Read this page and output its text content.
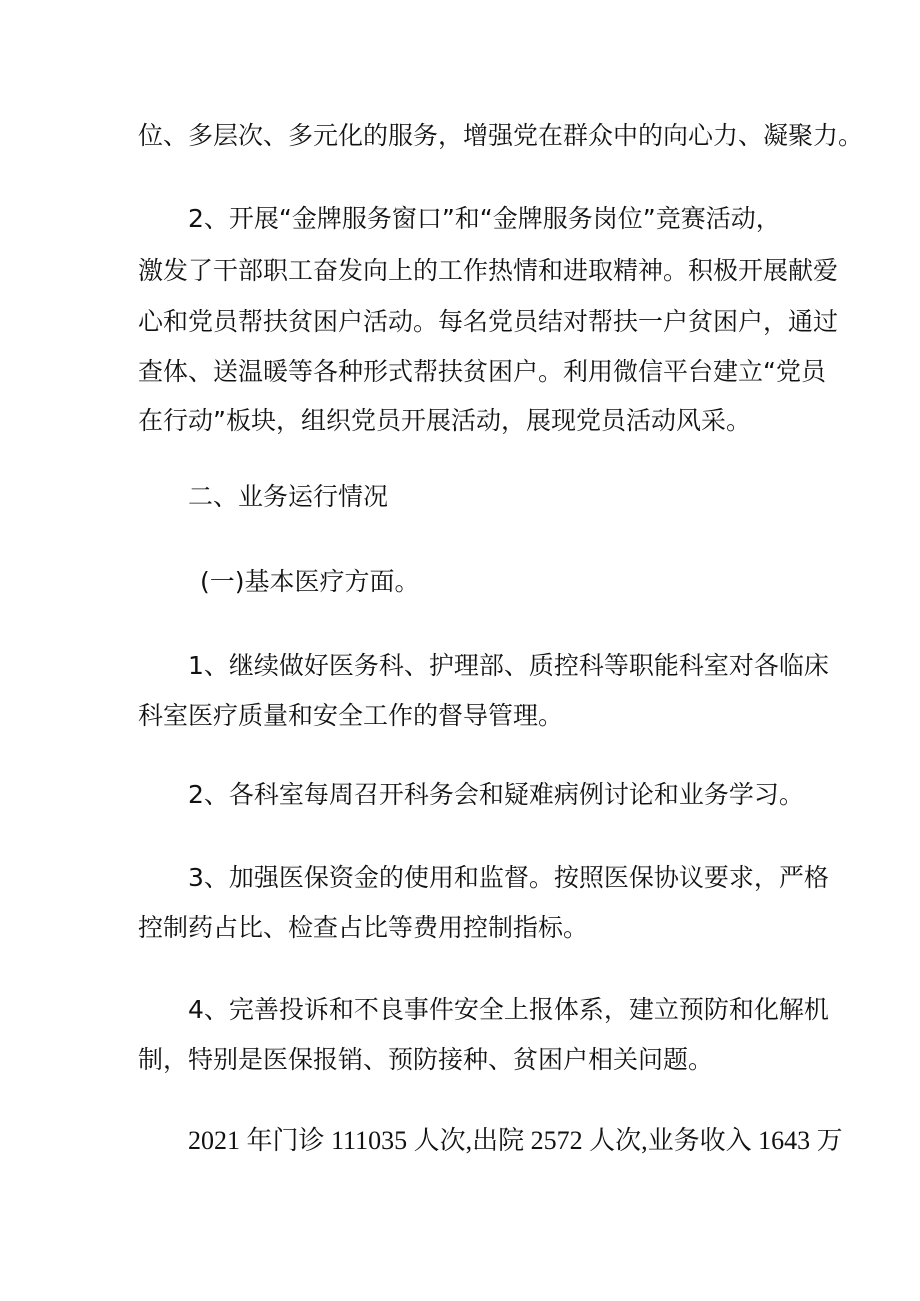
位、多层次、多元化的服务，增强党在群众中的向心力、凝聚力。
2、开展“金牌服务窗口”和“金牌服务岗位”竞赛活动，
激发了干部职工奋发向上的工作热情和进取精神。积极开展献爱
心和党员帮扶贫困户活动。每名党员结对帮扶一户贫困户，通过
查体、送温暖等各种形式帮扶贫困户。利用微信平台建立“党员
在行动”板块，组织党员开展活动，展现党员活动风采。
二、业务运行情况
(一)基本医疗方面。
1、继续做好医务科、护理部、质控科等职能科室对各临床
科室医疗质量和安全工作的督导管理。
2、各科室每周召开科务会和疑难病例讨论和业务学习。
3、加强医保资金的使用和监督。按照医保协议要求，严格
控制药占比、检查占比等费用控制指标。
4、完善投诉和不良事件安全上报体系，建立预防和化解机
制，特别是医保报销、预防接种、贫困户相关问题。
2021 年门诊 111035 人次,出院 2572 人次,业务收入 1643 万
